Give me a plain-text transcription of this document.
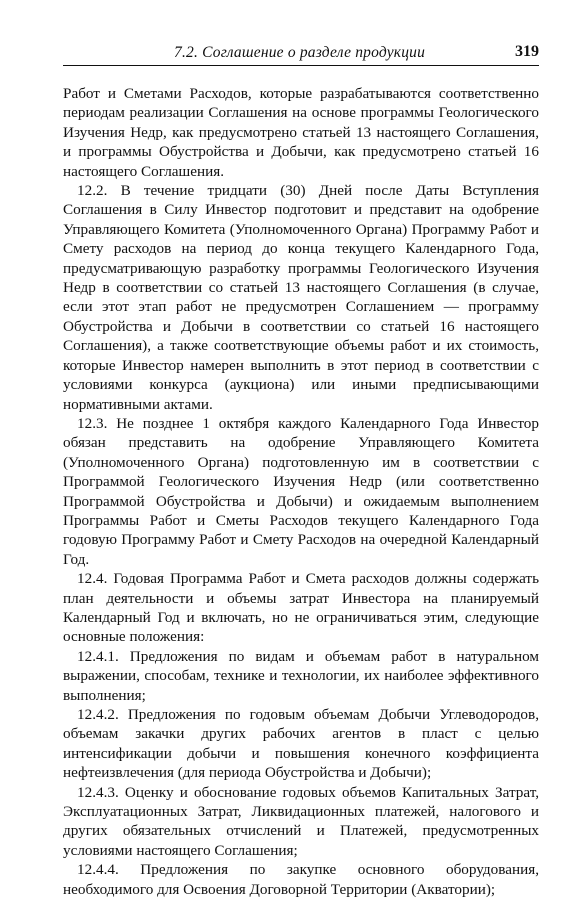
7.2. Соглашение о разделе продукции	319

Работ и Сметами Расходов, которые разрабатываются соответственно периодам реализации Соглашения на основе программы Геологического Изучения Недр, как предусмотрено статьей 13 настоящего Соглашения, и программы Обустройства и Добычи, как предусмотрено статьей 16 настоящего Соглашения.

12.2. В течение тридцати (30) Дней после Даты Вступления Соглашения в Силу Инвестор подготовит и представит на одобрение Управляющего Комитета (Уполномоченного Органа) Программу Работ и Смету расходов на период до конца текущего Календарного Года, предусматривающую разработку программы Геологического Изучения Недр в соответствии со статьей 13 настоящего Соглашения (в случае, если этот этап работ не предусмотрен Соглашением — программу Обустройства и Добычи в соответствии со статьей 16 настоящего Соглашения), а также соответствующие объемы работ и их стоимость, которые Инвестор намерен выполнить в этот период в соответствии с условиями конкурса (аукциона) или иными предписывающими нормативными актами.

12.3. Не позднее 1 октября каждого Календарного Года Инвестор обязан представить на одобрение Управляющего Комитета (Уполномоченного Органа) подготовленную им в соответствии с Программой Геологического Изучения Недр (или соответственно Программой Обустройства и Добычи) и ожидаемым выполнением Программы Работ и Сметы Расходов текущего Календарного Года годовую Программу Работ и Смету Расходов на очередной Календарный Год.

12.4. Годовая Программа Работ и Смета расходов должны содержать план деятельности и объемы затрат Инвестора на планируемый Календарный Год и включать, но не ограничиваться этим, следующие основные положения:

12.4.1. Предложения по видам и объемам работ в натуральном выражении, способам, технике и технологии, их наиболее эффективного выполнения;

12.4.2. Предложения по годовым объемам Добычи Углеводородов, объемам закачки других рабочих агентов в пласт с целью интенсификации добычи и повышения конечного коэффициента нефтеизвлечения (для периода Обустройства и Добычи);

12.4.3. Оценку и обоснование годовых объемов Капитальных Затрат, Эксплуатационных Затрат, Ликвидационных платежей, налогового и других обязательных отчислений и Платежей, предусмотренных условиями настоящего Соглашения;

12.4.4. Предложения по закупке основного оборудования, необходимого для Освоения Договорной Территории (Акватории);
